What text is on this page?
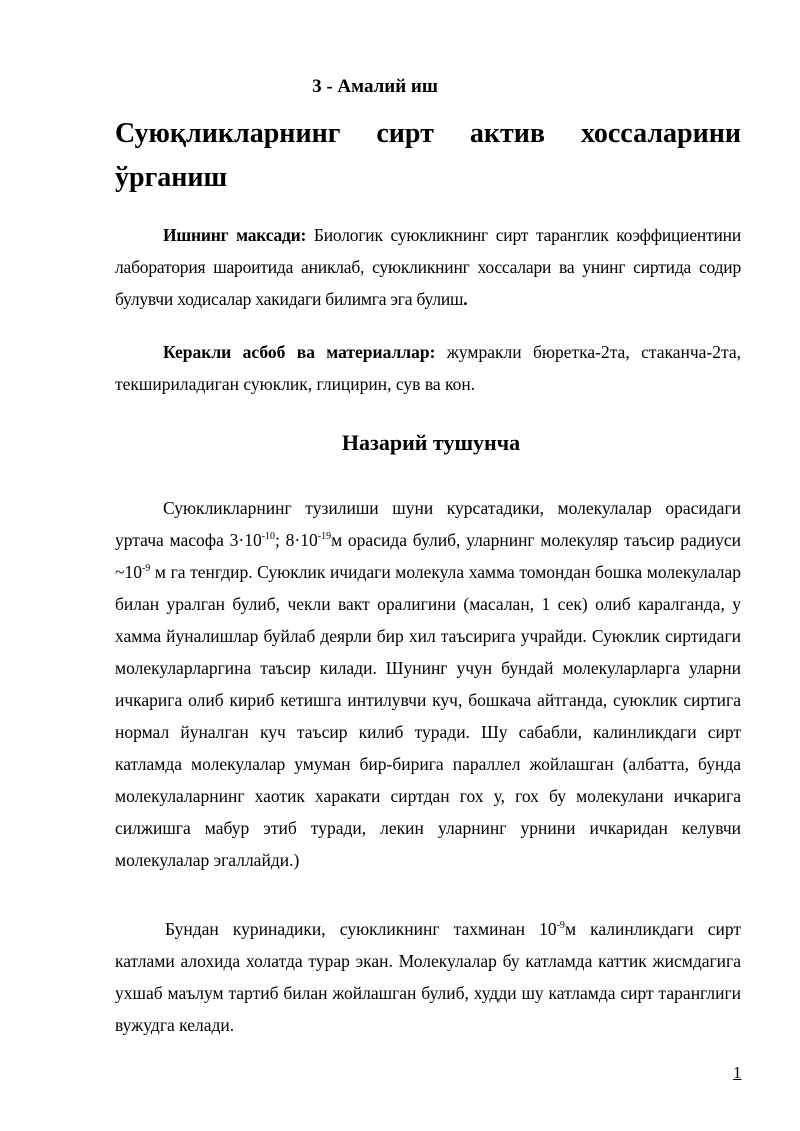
3 - Амалий иш
Суюқликларнинг сирт актив хоссаларини ўрганиш

Ишнинг максади: Биологик суюкликнинг сирт таранглик коэффициентини лаборатория шароитида аниклаб, суюкликнинг хоссалари ва унинг сиртида содир булувчи ходисалар хакидаги билимга эга булиш.

Керакли асбоб ва материаллар: жумракли бюретка-2та, стаканча-2та, текшириладиган суюклик, глицирин, сув ва кон.

Назарий тушунча

Суюкликларнинг тузилиши шуни курсатадики, молекулалар орасидаги уртача масофа $3\cdot 10^{-10}$; $8\cdot 10^{-19}м$ орасида булиб, уларнинг молекуляр таъсир радиуси $\sim 10^{-9}$ м га тенгдир. Суюклик ичидаги молекула хамма томондан бошка молекулалар билан уралган булиб, чекли вакт оралигини (масалан, 1 сек) олиб каралганда, у хамма йуналишлар буйлаб деярли бир хил таъсирига учрайди. Суюклик сиртидаги молекуларларгина таъсир килади. Шунинг учун бундай молекуларларга уларни ичкарига олиб кириб кетишга интилувчи куч, бошкача айтганда, суюклик сиртига нормал йуналган куч таъсир килиб туради. Шу сабабли, калинликдаги сирт катламда молекулалар умуман бир-бирига параллел жойлашган (албатта, бунда молекулаларнинг хаотик харакати сиртдан гох у, гох бу молекулани ичкарига силжишга мабур этиб туради, лекин уларнинг урнини ичкаридан келувчи молекулалар эгаллайди.)

Бундан куринадики, суюкликнинг тахминан $10^{-9}м$ калинликдаги сирт катлами алохида холатда турар экан. Молекулалар бу катламда каттик жисмдагига ухшаб маълум тартиб билан жойлашган булиб, худди шу катламда сирт таранглиги вужудга келади.

1
